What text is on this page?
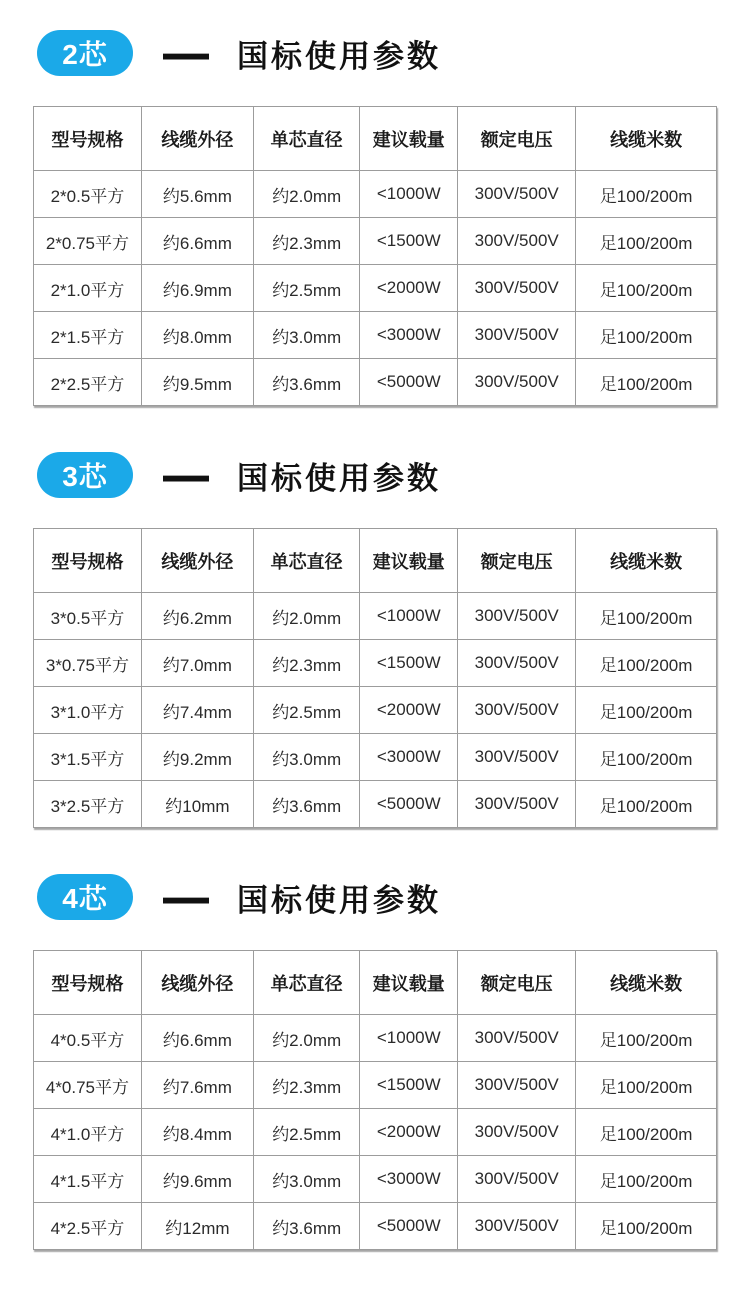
2芯	— 国标使用参数
型号规格	线缆外径	单芯直径	建议载量	额定电压	线缆米数
2*0.5平方	约5.6mm	约2.0mm	<1000W	300V/500V	足100/200m
2*0.75平方	约6.6mm	约2.3mm	<1500W	300V/500V	足100/200m
2*1.0平方	约6.9mm	约2.5mm	<2000W	300V/500V	足100/200m
2*1.5平方	约8.0mm	约3.0mm	<3000W	300V/500V	足100/200m
2*2.5平方	约9.5mm	约3.6mm	<5000W	300V/500V	足100/200m
3芯	— 国标使用参数
型号规格	线缆外径	单芯直径	建议载量	额定电压	线缆米数
3*0.5平方	约6.2mm	约2.0mm	<1000W	300V/500V	足100/200m
3*0.75平方	约7.0mm	约2.3mm	<1500W	300V/500V	足100/200m
3*1.0平方	约7.4mm	约2.5mm	<2000W	300V/500V	足100/200m
3*1.5平方	约9.2mm	约3.0mm	<3000W	300V/500V	足100/200m
3*2.5平方	约10mm	约3.6mm	<5000W	300V/500V	足100/200m
4芯	— 国标使用参数
型号规格	线缆外径	单芯直径	建议载量	额定电压	线缆米数
4*0.5平方	约6.6mm	约2.0mm	<1000W	300V/500V	足100/200m
4*0.75平方	约7.6mm	约2.3mm	<1500W	300V/500V	足100/200m
4*1.0平方	约8.4mm	约2.5mm	<2000W	300V/500V	足100/200m
4*1.5平方	约9.6mm	约3.0mm	<3000W	300V/500V	足100/200m
4*2.5平方	约12mm	约3.6mm	<5000W	300V/500V	足100/200m
